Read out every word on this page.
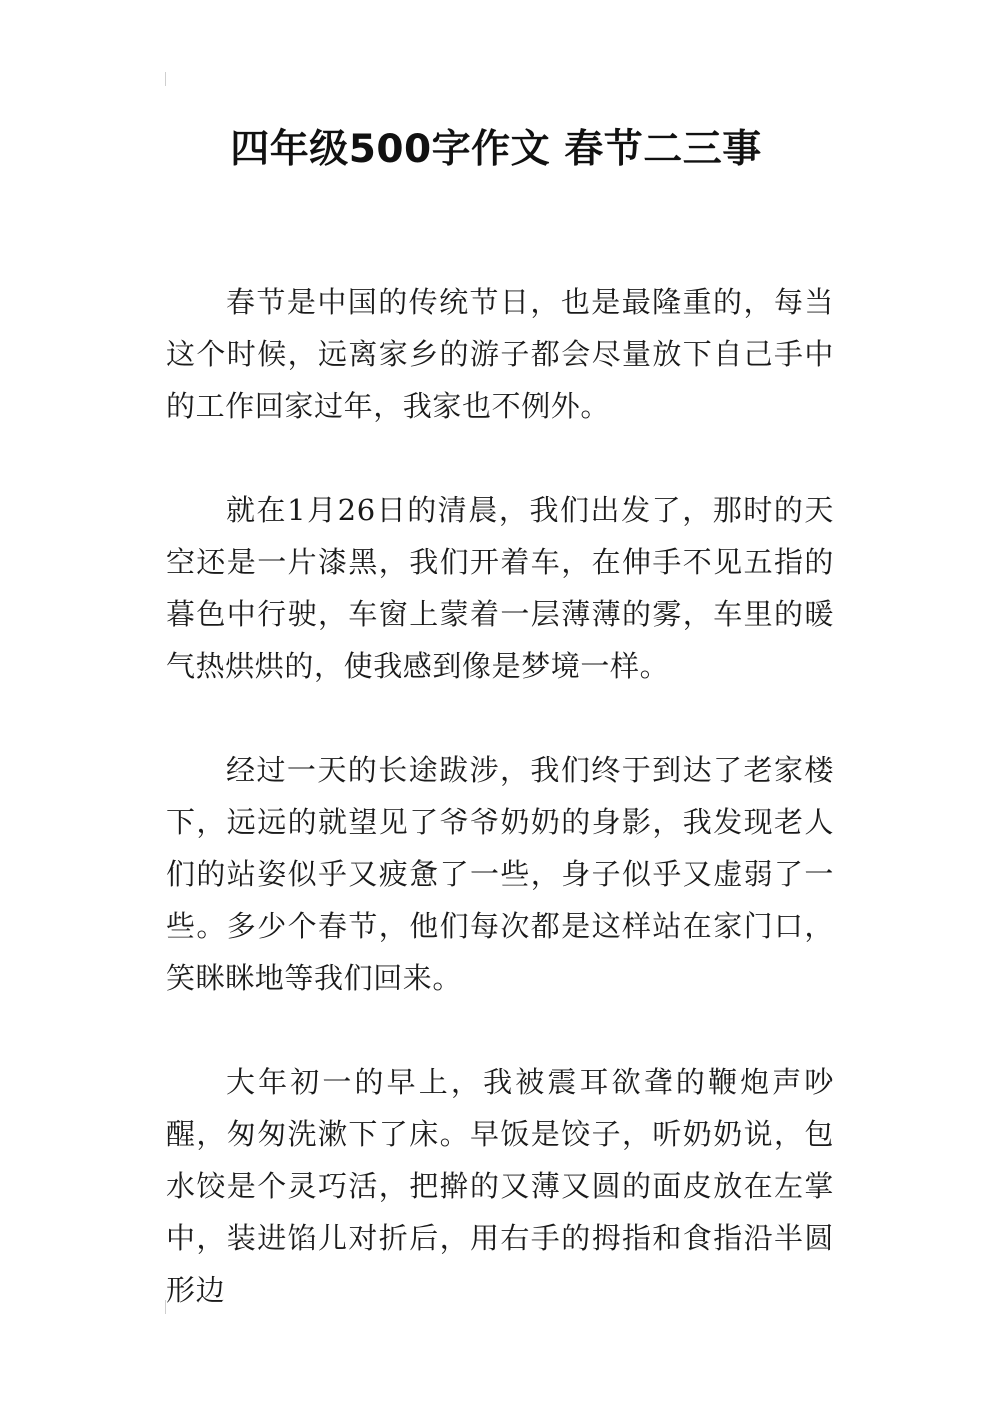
四年级500字作文 春节二三事

春节是中国的传统节日，也是最隆重的，每当这个时候，远离家乡的游子都会尽量放下自己手中的工作回家过年，我家也不例外。

就在1月26日的清晨，我们出发了，那时的天空还是一片漆黑，我们开着车，在伸手不见五指的暮色中行驶，车窗上蒙着一层薄薄的雾，车里的暖气热烘烘的，使我感到像是梦境一样。

经过一天的长途跋涉，我们终于到达了老家楼下，远远的就望见了爷爷奶奶的身影，我发现老人们的站姿似乎又疲惫了一些，身子似乎又虚弱了一些。多少个春节，他们每次都是这样站在家门口，笑眯眯地等我们回来。

大年初一的早上，我被震耳欲聋的鞭炮声吵醒，匆匆洗漱下了床。早饭是饺子，听奶奶说，包水饺是个灵巧活，把擀的又薄又圆的面皮放在左掌中，装进馅儿对折后，用右手的拇指和食指沿半圆形边
